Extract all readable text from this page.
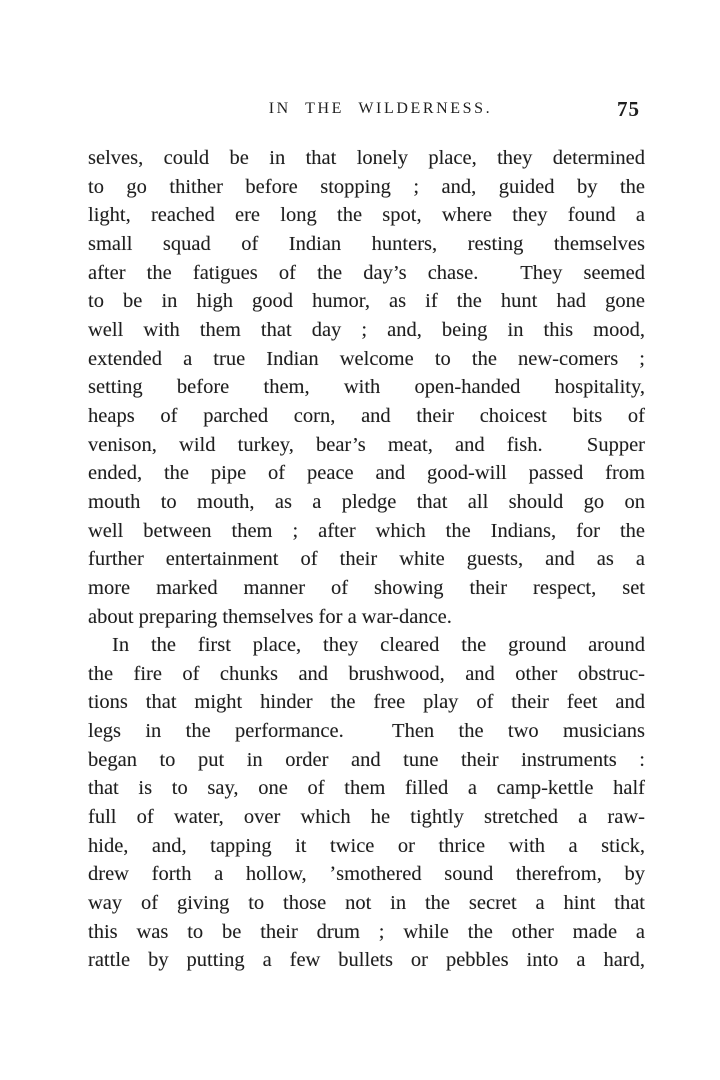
IN THE WILDERNESS.	75
selves, could be in that lonely place, they determined
to go thither before stopping ; and, guided by the
light, reached ere long the spot, where they found a
small squad of Indian hunters, resting themselves
after the fatigues of the day’s chase.  They seemed
to be in high good humor, as if the hunt had gone
well with them that day ; and, being in this mood,
extended a true Indian welcome to the new-comers ;
setting before them, with open-handed hospitality,
heaps of parched corn, and their choicest bits of
venison, wild turkey, bear’s meat, and fish.  Supper
ended, the pipe of peace and good-will passed from
mouth to mouth, as a pledge that all should go on
well between them ; after which the Indians, for the
further entertainment of their white guests, and as a
more marked manner of showing their respect, set
about preparing themselves for a war-dance.
In the first place, they cleared the ground around
the fire of chunks and brushwood, and other obstruc-
tions that might hinder the free play of their feet and
legs in the performance.  Then the two musicians
began to put in order and tune their instruments :
that is to say, one of them filled a camp-kettle half
full of water, over which he tightly stretched a raw-
hide, and, tapping it twice or thrice with a stick,
drew forth a hollow, ʼsmothered sound therefrom, by
way of giving to those not in the secret a hint that
this was to be their drum ; while the other made a
rattle by putting a few bullets or pebbles into a hard,
